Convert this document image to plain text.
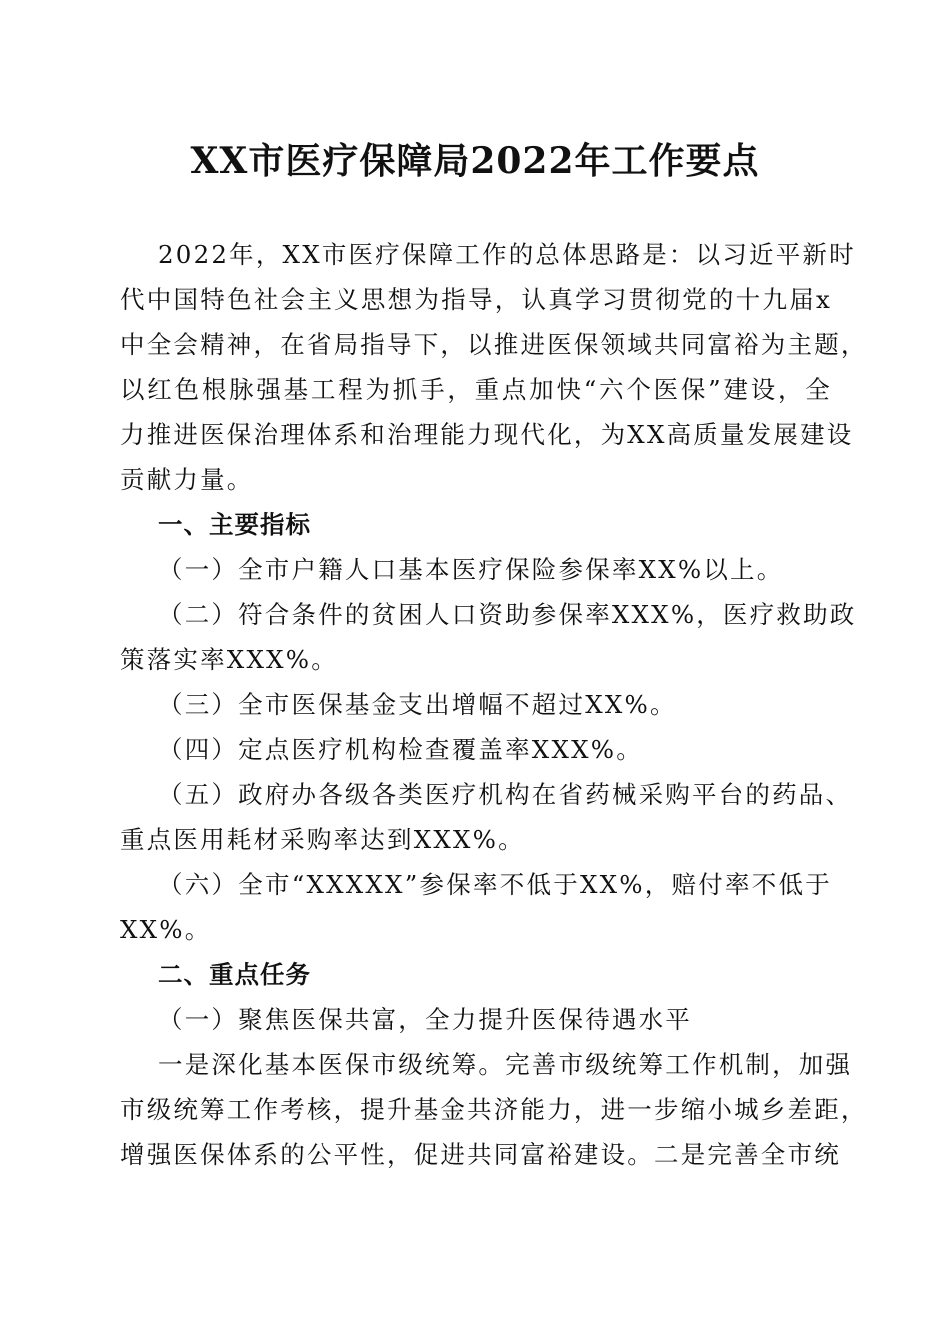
XX市医疗保障局2022年工作要点
2022年，XX市医疗保障工作的总体思路是：以习近平新时
代中国特色社会主义思想为指导，认真学习贯彻党的十九届x
中全会精神，在省局指导下，以推进医保领域共同富裕为主题，
以红色根脉强基工程为抓手，重点加快“六个医保”建设，全
力推进医保治理体系和治理能力现代化，为XX高质量发展建设
贡献力量。
一、主要指标
（一）全市户籍人口基本医疗保险参保率XX%以上。
（二）符合条件的贫困人口资助参保率XXX%，医疗救助政
策落实率XXX%。
（三）全市医保基金支出增幅不超过XX%。
（四）定点医疗机构检查覆盖率XXX%。
（五）政府办各级各类医疗机构在省药械采购平台的药品、
重点医用耗材采购率达到XXX%。
（六）全市“XXXXX”参保率不低于XX%，赔付率不低于
XX%。
二、重点任务
（一）聚焦医保共富，全力提升医保待遇水平
一是深化基本医保市级统筹。完善市级统筹工作机制，加强
市级统筹工作考核，提升基金共济能力，进一步缩小城乡差距，
增强医保体系的公平性，促进共同富裕建设。二是完善全市统
